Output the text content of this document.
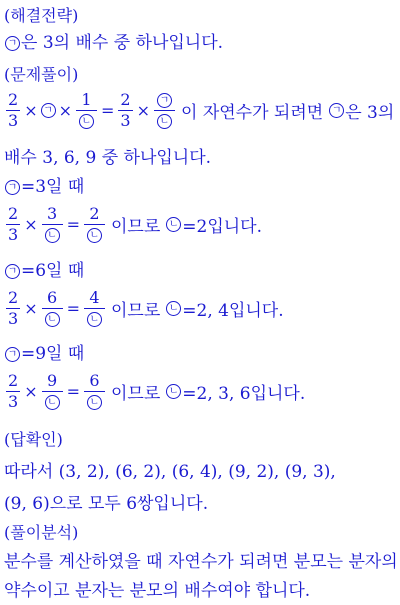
(해결전략)
ㄱ 은 3의 배수 중 하나입니다.
(문제풀이)
$\frac{2}{3}$ × ㄱ × $\frac{1}{\text{ㄴ}} = \frac{2}{3} \times \frac{\text{ㄱ}}{\text{ㄴ}}$ 이 자연수가 되려면 ㄱ 은 3의
배수 3, 6, 9 중 하나입니다.
ㄱ =3일 때
$\frac{2}{3} \times \frac{3}{\text{ㄴ}} = \frac{2}{\text{ㄴ}}$ 이므로 ㄴ =2입니다.
ㄱ =6일 때
$\frac{2}{3} \times \frac{6}{\text{ㄴ}} = \frac{4}{\text{ㄴ}}$ 이므로 ㄴ =2, 4입니다.
ㄱ =9일 때
$\frac{2}{3} \times \frac{9}{\text{ㄴ}} = \frac{6}{\text{ㄴ}}$ 이므로 ㄴ =2, 3, 6입니다.
(답확인)
따라서 (3, 2), (6, 2), (6, 4), (9, 2), (9, 3),
(9, 6)으로 모두 6쌍입니다.
(풀이분석)
분수를 계산하였을 때 자연수가 되려면 분모는 분자의
약수이고 분자는 분모의 배수여야 합니다.
